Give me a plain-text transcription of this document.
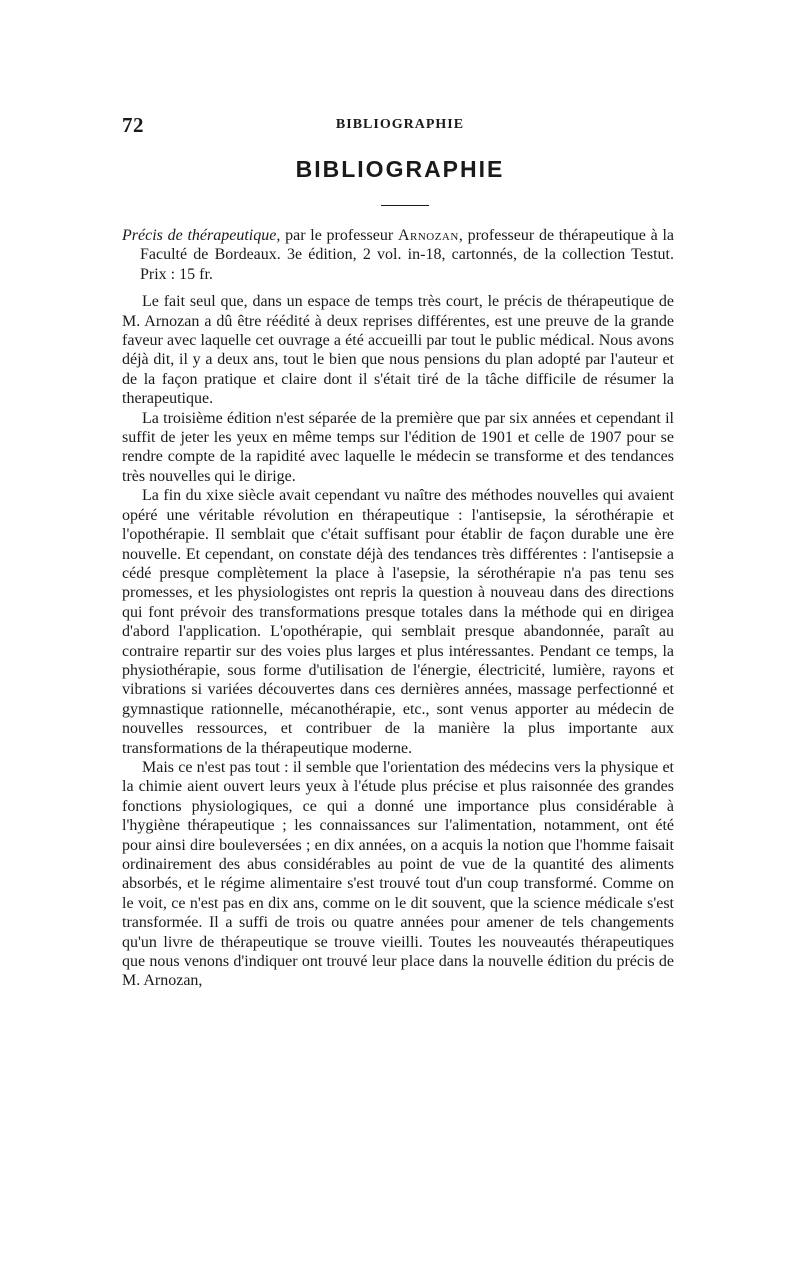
72	BIBLIOGRAPHIE
BIBLIOGRAPHIE

Précis de thérapeutique, par le professeur Arnozan, professeur de thérapeutique à la Faculté de Bordeaux. 3e édition, 2 vol. in-18, cartonnés, de la collection Testut. Prix : 15 fr.

Le fait seul que, dans un espace de temps très court, le précis de thérapeutique de M. Arnozan a dû être réédité à deux reprises différentes, est une preuve de la grande faveur avec laquelle cet ouvrage a été accueilli par tout le public médical. Nous avons déjà dit, il y a deux ans, tout le bien que nous pensions du plan adopté par l'auteur et de la façon pratique et claire dont il s'était tiré de la tâche difficile de résumer la therapeutique.

La troisième édition n'est séparée de la première que par six années et cependant il suffit de jeter les yeux en même temps sur l'édition de 1901 et celle de 1907 pour se rendre compte de la rapidité avec laquelle le médecin se transforme et des tendances très nouvelles qui le dirige.

La fin du xixe siècle avait cependant vu naître des méthodes nouvelles qui avaient opéré une véritable révolution en thérapeutique : l'antisepsie, la sérothérapie et l'opothérapie. Il semblait que c'était suffisant pour établir de façon durable une ère nouvelle. Et cependant, on constate déjà des tendances très différentes : l'antisepsie a cédé presque complètement la place à l'asepsie, la sérothérapie n'a pas tenu ses promesses, et les physiologistes ont repris la question à nouveau dans des directions qui font prévoir des transformations presque totales dans la méthode qui en dirigea d'abord l'application. L'opothérapie, qui semblait presque abandonnée, paraît au contraire repartir sur des voies plus larges et plus intéressantes. Pendant ce temps, la physiothérapie, sous forme d'utilisation de l'énergie, électricité, lumière, rayons et vibrations si variées découvertes dans ces dernières années, massage perfectionné et gymnastique rationnelle, mécanothérapie, etc., sont venus apporter au médecin de nouvelles ressources, et contribuer de la manière la plus importante aux transformations de la thérapeutique moderne.

Mais ce n'est pas tout : il semble que l'orientation des médecins vers la physique et la chimie aient ouvert leurs yeux à l'étude plus précise et plus raisonnée des grandes fonctions physiologiques, ce qui a donné une importance plus considérable à l'hygiène thérapeutique ; les connaissances sur l'alimentation, notamment, ont été pour ainsi dire bouleversées ; en dix années, on a acquis la notion que l'homme faisait ordinairement des abus considérables au point de vue de la quantité des aliments absorbés, et le régime alimentaire s'est trouvé tout d'un coup transformé. Comme on le voit, ce n'est pas en dix ans, comme on le dit souvent, que la science médicale s'est transformée. Il a suffi de trois ou quatre années pour amener de tels changements qu'un livre de thérapeutique se trouve vieilli. Toutes les nouveautés thérapeutiques que nous venons d'indiquer ont trouvé leur place dans la nouvelle édition du précis de M. Arnozan,
